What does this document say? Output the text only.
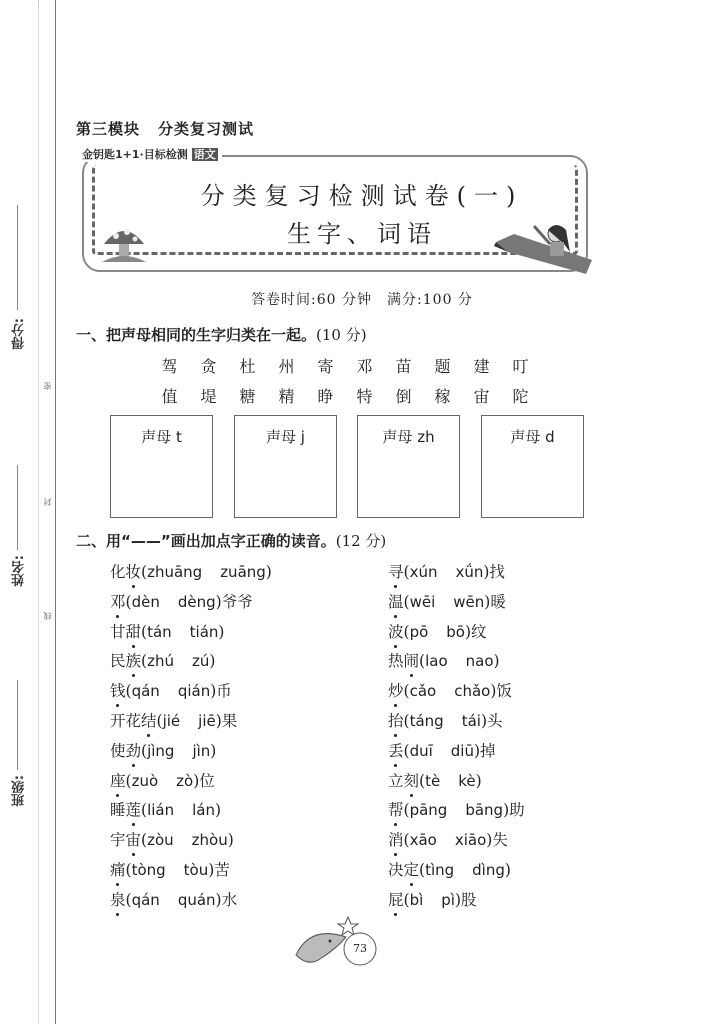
得分:
姓名:
班级:
密
封
线
第三模块 分类复习测试
金钥匙1+1·目标检测 语文
分类复习检测试卷(一)
生字、词语
答卷时间:60 分钟　满分:100 分
一、把声母相同的生字归类在一起。(10 分)
驾 贪 杜 州 寄 邓 苗 题 建 叮
值 堤 糖 精 睁 特 倒 稼 宙 陀
声母 t	声母 j	声母 zh	声母 d
二、用“——”画出加点字正确的读音。(12 分)
化妆
(zhuāng zuāng)
邓
(dèn dèng)爷爷
甘甜
(tán tián)
民族
(zhú zú)
钱
(qán qián)币
开花结
(jié jiē)果
使劲
(jìng jìn)
座
(zuò zò)位
睡莲
(lián lán)
宇宙
(zòu zhòu)
痛
(tòng tòu)苦
泉
(qán quán)水
寻
(xún xǘn)找
温
(wēi wēn)暖
波
(pō bō)纹
热闹
(lao nao)
炒
(cǎo chǎo)饭
抬
(táng tái)头
丢
(duī diū)掉
立刻
(tè kè)
帮
(pāng bāng)助
消
(xāo xiāo)失
决定
(tìng dìng)
屁
(bì pì)股
73
